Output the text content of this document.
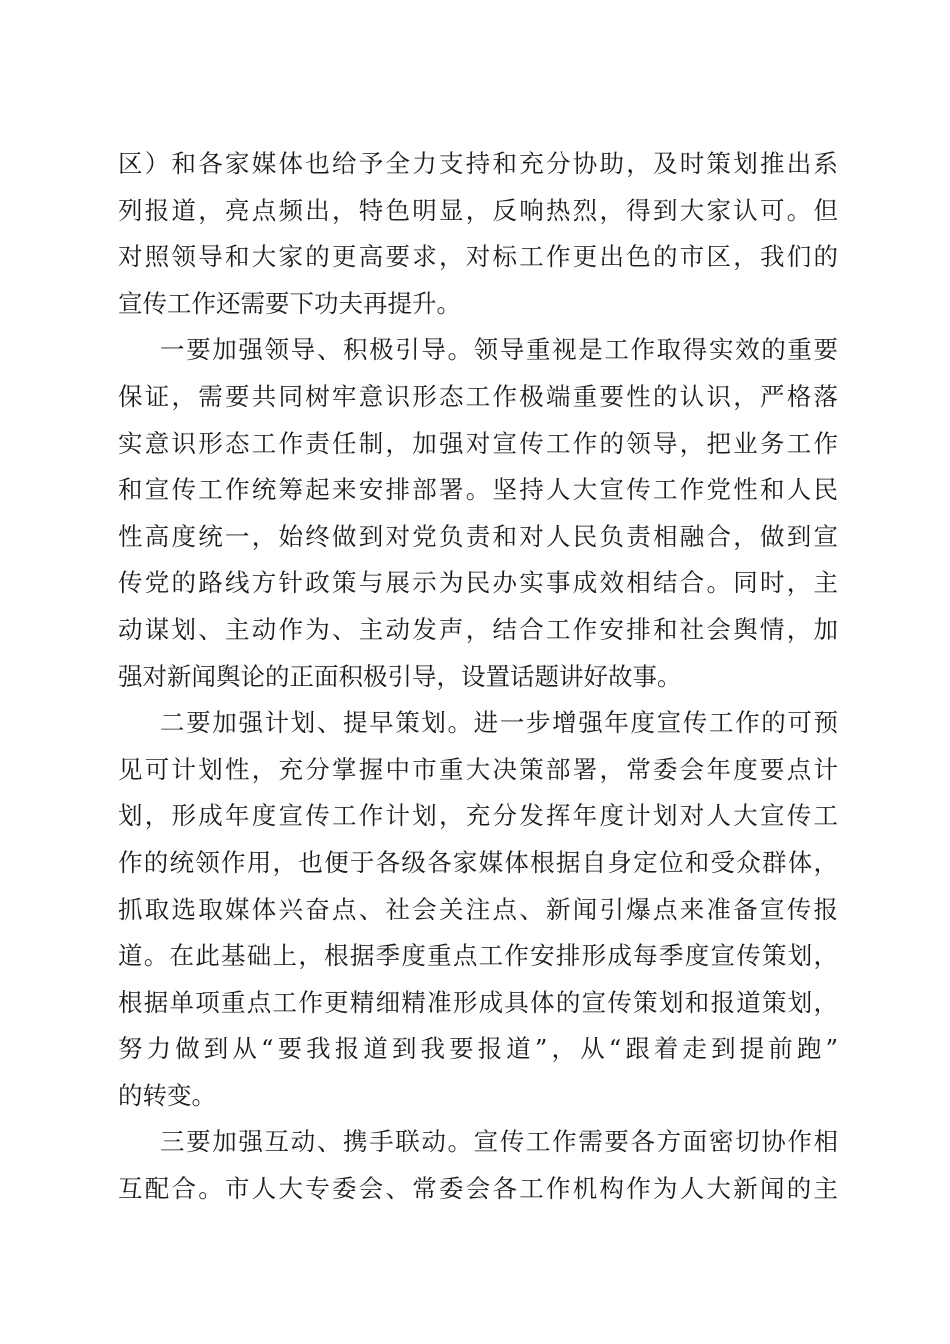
区）和各家媒体也给予全力支持和充分协助，及时策划推出系
列报道，亮点频出，特色明显，反响热烈，得到大家认可。但
对照领导和大家的更高要求，对标工作更出色的市区，我们的
宣传工作还需要下功夫再提升。
一要加强领导、积极引导。领导重视是工作取得实效的重要
保证，需要共同树牢意识形态工作极端重要性的认识，严格落
实意识形态工作责任制，加强对宣传工作的领导，把业务工作
和宣传工作统筹起来安排部署。坚持人大宣传工作党性和人民
性高度统一，始终做到对党负责和对人民负责相融合，做到宣
传党的路线方针政策与展示为民办实事成效相结合。同时，主
动谋划、主动作为、主动发声，结合工作安排和社会舆情，加
强对新闻舆论的正面积极引导，设置话题讲好故事。
二要加强计划、提早策划。进一步增强年度宣传工作的可预
见可计划性，充分掌握中市重大决策部署，常委会年度要点计
划，形成年度宣传工作计划，充分发挥年度计划对人大宣传工
作的统领作用，也便于各级各家媒体根据自身定位和受众群体，
抓取选取媒体兴奋点、社会关注点、新闻引爆点来准备宣传报
道。在此基础上，根据季度重点工作安排形成每季度宣传策划，
根据单项重点工作更精细精准形成具体的宣传策划和报道策划，
努力做到从“要我报道到我要报道”，从“跟着走到提前跑”
的转变。
三要加强互动、携手联动。宣传工作需要各方面密切协作相
互配合。市人大专委会、常委会各工作机构作为人大新闻的主
